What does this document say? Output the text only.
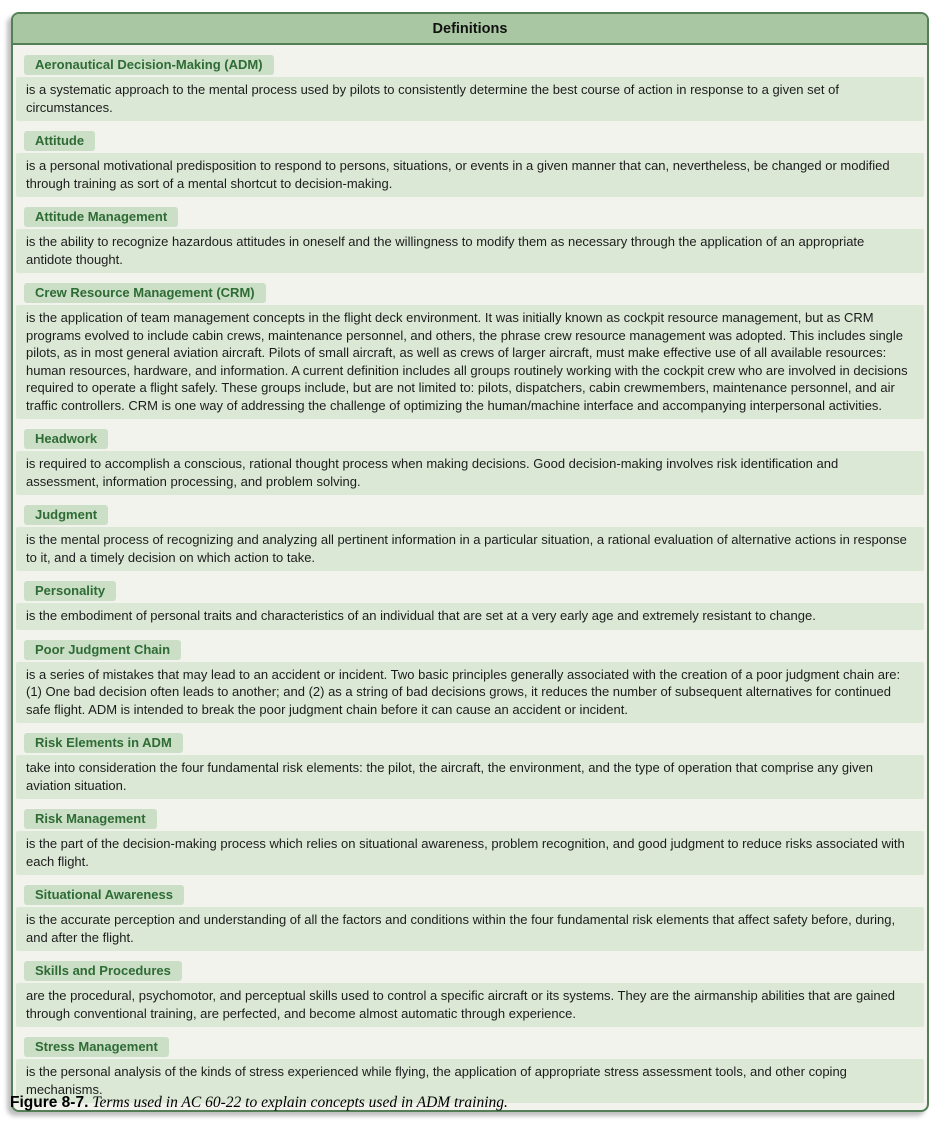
Definitions
Aeronautical Decision-Making (ADM)
is a systematic approach to the mental process used by pilots to consistently determine the best course of action in response to a given set of circumstances.
Attitude
is a personal motivational predisposition to respond to persons, situations, or events in a given manner that can, nevertheless, be changed or modified through training as sort of a mental shortcut to decision-making.
Attitude Management
is the ability to recognize hazardous attitudes in oneself and the willingness to modify them as necessary through the application of an appropriate antidote thought.
Crew Resource Management (CRM)
is the application of team management concepts in the flight deck environment. It was initially known as cockpit resource management, but as CRM programs evolved to include cabin crews, maintenance personnel, and others, the phrase crew resource management was adopted. This includes single pilots, as in most general aviation aircraft. Pilots of small aircraft, as well as crews of larger aircraft, must make effective use of all available resources: human resources, hardware, and information. A current definition includes all groups routinely working with the cockpit crew who are involved in decisions required to operate a flight safely. These groups include, but are not limited to: pilots, dispatchers, cabin crewmembers, maintenance personnel, and air traffic controllers. CRM is one way of addressing the challenge of optimizing the human/machine interface and accompanying interpersonal activities.
Headwork
is required to accomplish a conscious, rational thought process when making decisions. Good decision-making involves risk identification and assessment, information processing, and problem solving.
Judgment
is the mental process of recognizing and analyzing all pertinent information in a particular situation, a rational evaluation of alternative actions in response to it, and a timely decision on which action to take.
Personality
is the embodiment of personal traits and characteristics of an individual that are set at a very early age and extremely resistant to change.
Poor Judgment Chain
is a series of mistakes that may lead to an accident or incident. Two basic principles generally associated with the creation of a poor judgment chain are: (1) One bad decision often leads to another; and (2) as a string of bad decisions grows, it reduces the number of subsequent alternatives for continued safe flight. ADM is intended to break the poor judgment chain before it can cause an accident or incident.
Risk Elements in ADM
take into consideration the four fundamental risk elements: the pilot, the aircraft, the environment, and the type of operation that comprise any given aviation situation.
Risk Management
is the part of the decision-making process which relies on situational awareness, problem recognition, and good judgment to reduce risks associated with each flight.
Situational Awareness
is the accurate perception and understanding of all the factors and conditions within the four fundamental risk elements that affect safety before, during, and after the flight.
Skills and Procedures
are the procedural, psychomotor, and perceptual skills used to control a specific aircraft or its systems. They are the airmanship abilities that are gained through conventional training, are perfected, and become almost automatic through experience.
Stress Management
is the personal analysis of the kinds of stress experienced while flying, the application of appropriate stress assessment tools, and other coping mechanisms.
Figure 8-7. Terms used in AC 60-22 to explain concepts used in ADM training.
